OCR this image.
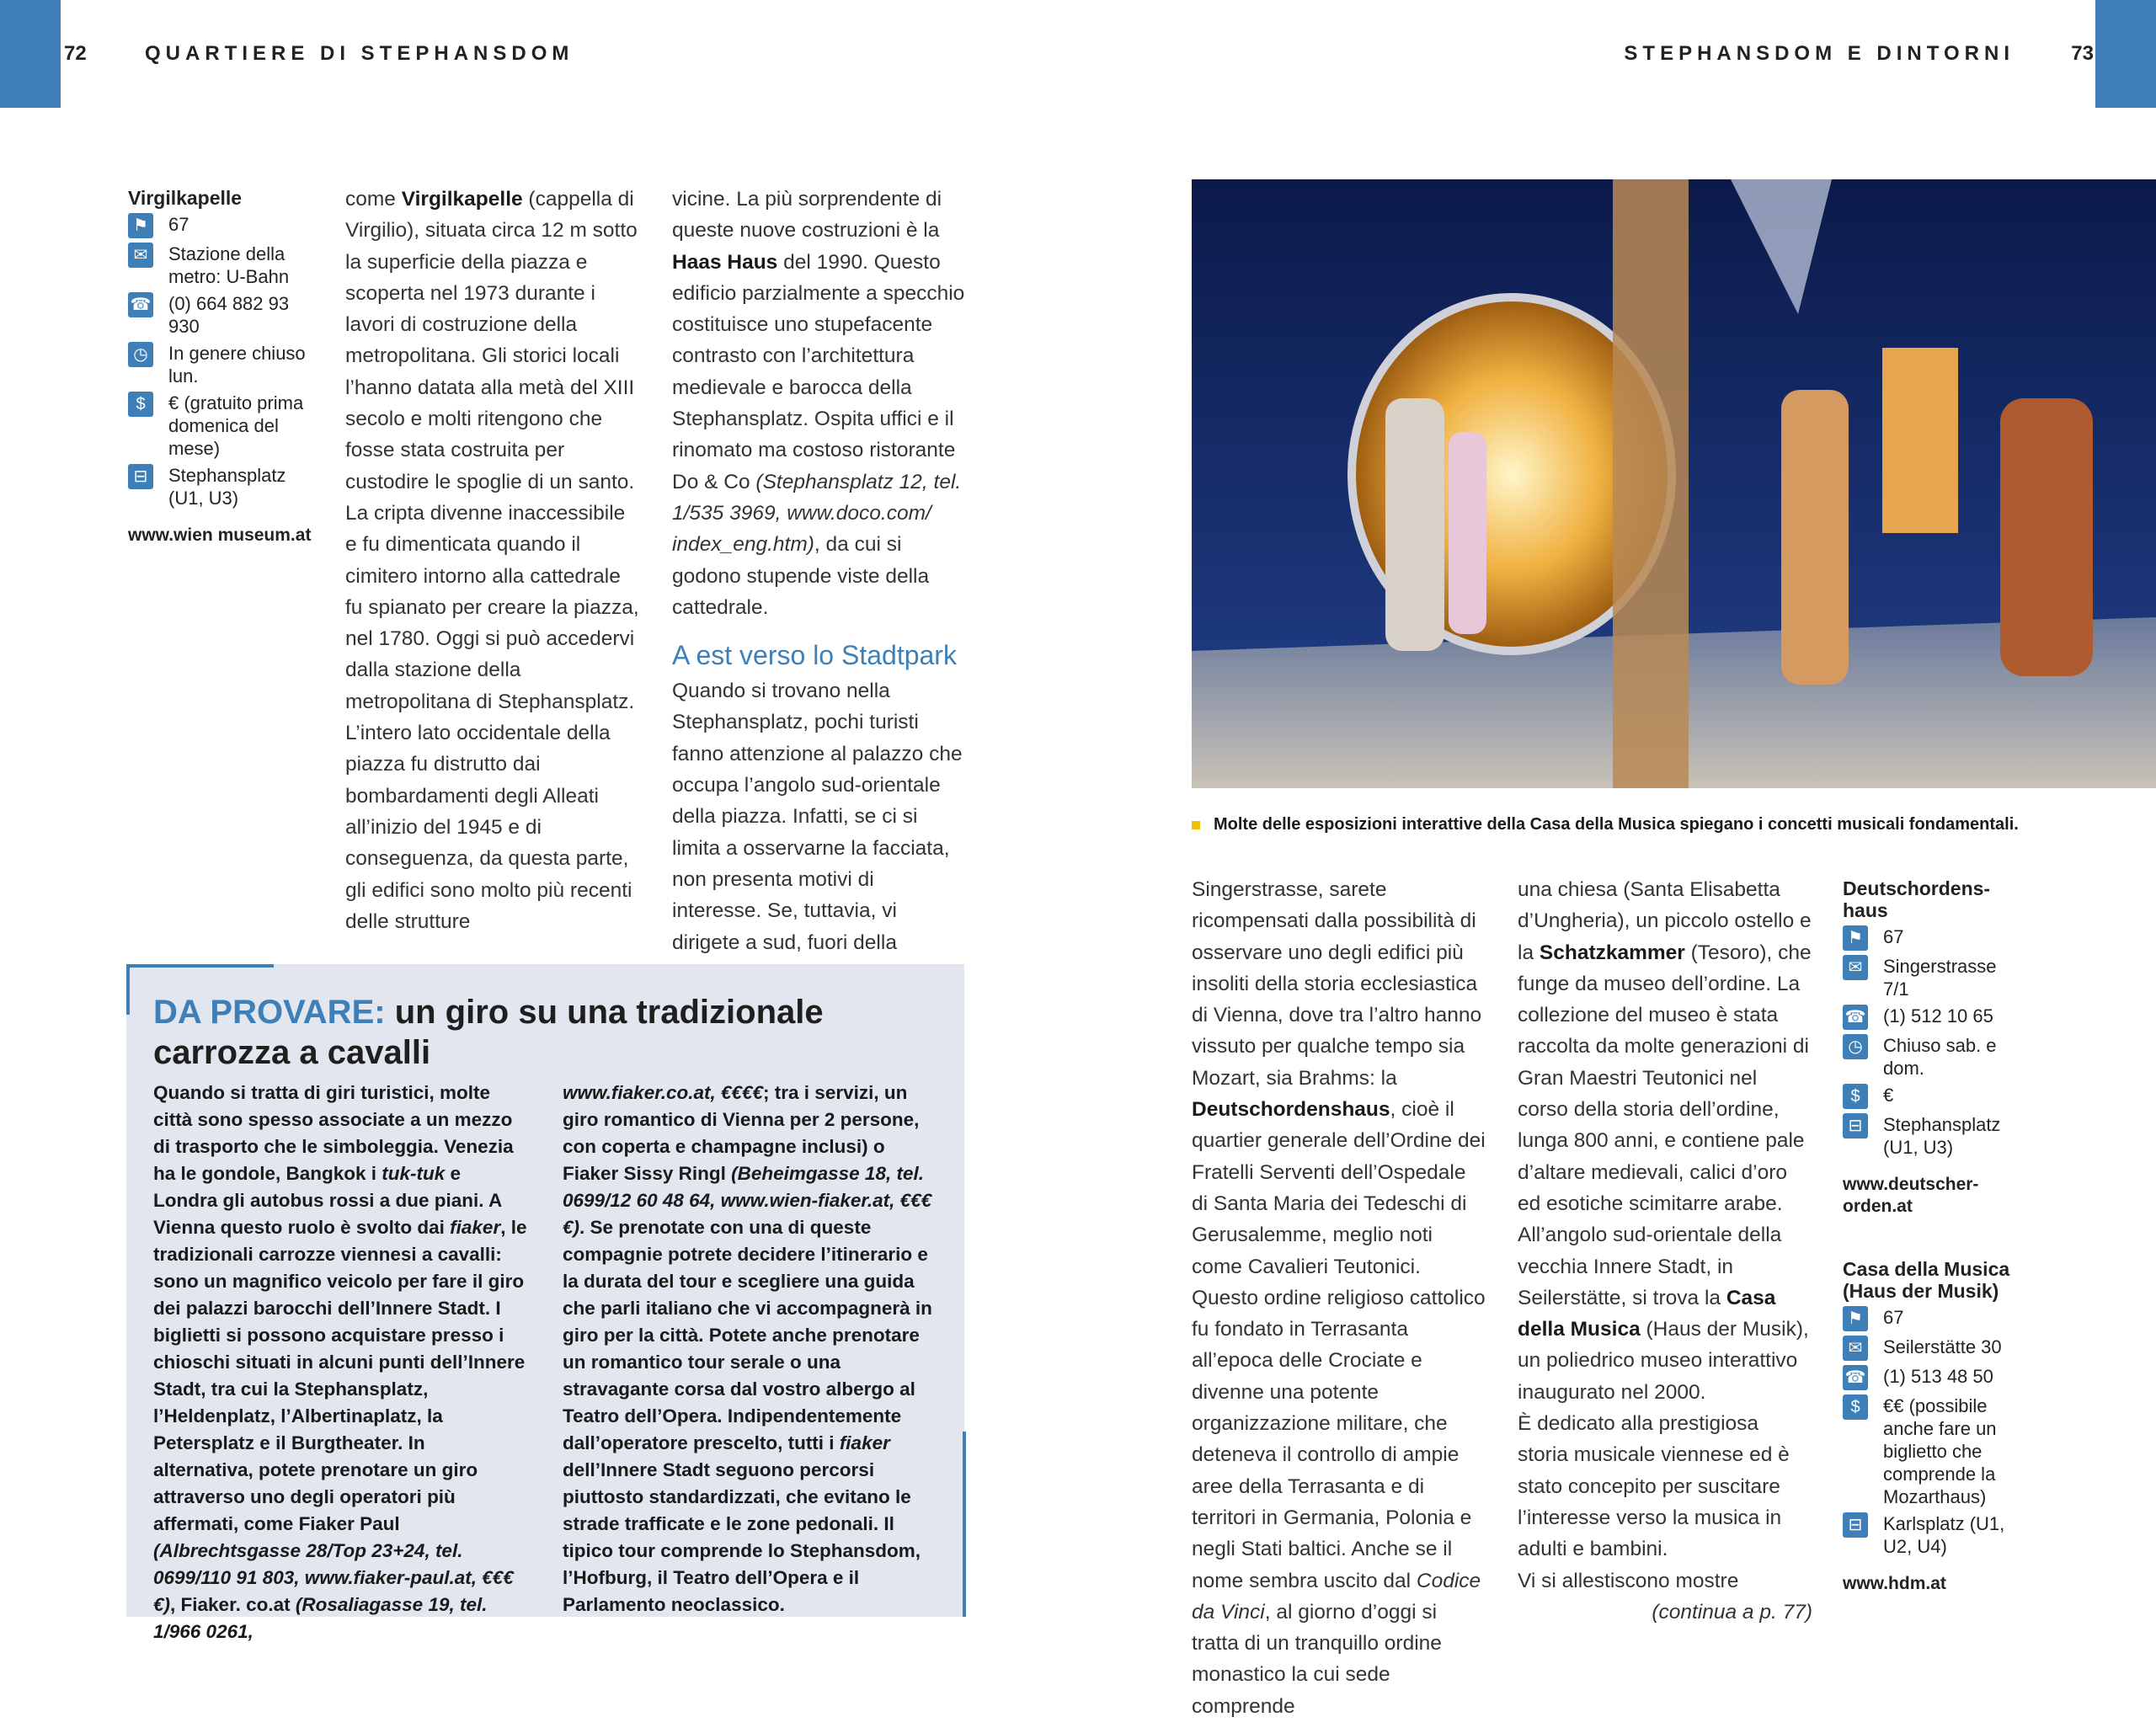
72	QUARTIERE DI STEPHANSDOM	STEPHANSDOM E DINTORNI	73
Virgilkapelle
⚑ 67
✉	Stazione della metro: U-Bahn
☎ (0) 664 882 93 930
◷ In genere chiuso lun.
$	€ (gratuito prima domenica del mese)
⊟	Stephansplatz (U1, U3)
www.wien museum.at

come Virgilkapelle (cappella di Virgilio), situata circa 12 m sotto la superficie della piazza e scoperta nel 1973 durante i lavori di costruzione della metropolitana. Gli storici locali l’hanno datata alla metà del XIII secolo e molti ritengono che fosse stata costruita per custodire le spoglie di un santo. La cripta divenne inaccessibile e fu dimenticata quando il cimitero intorno alla cattedrale fu spianato per creare la piazza, nel 1780. Oggi si può accedervi dalla stazione della metropolitana di Stephansplatz. L’intero lato occidentale della piazza fu distrutto dai bombardamenti degli Alleati all’inizio del 1945 e di conseguenza, da questa parte, gli edifici sono molto più recenti delle strutture

vicine. La più sorprendente di queste nuove costruzioni è la Haas Haus del 1990. Questo edificio parzialmente a specchio costituisce uno stupefacente contrasto con l’architettura medievale e barocca della Stephansplatz. Ospita uffici e il rinomato ma costoso ristorante Do & Co (Stephansplatz 12, tel. 1/535 3969, www.doco.com/ index_eng.htm), da cui si godono stupende viste della cattedrale.

A est verso lo Stadtpark

Quando si trovano nella Stephansplatz, pochi turisti fanno attenzione al palazzo che occupa l’angolo sud-orientale della piazza. Infatti, se ci si limita a osservarne la facciata, non presenta motivi di interesse. Se, tuttavia, vi dirigete a sud, fuori della

DA PROVARE: un giro su una tradizionale carrozza a cavalli
Quando si tratta di giri turistici, molte città sono spesso associate a un mezzo di trasporto che le simboleggia. Venezia ha le gondole, Bangkok i tuk-tuk e Londra gli autobus rossi a due piani. A Vienna questo ruolo è svolto dai fiaker, le tradizionali carrozze viennesi a cavalli: sono un magnifico veicolo per fare il giro dei palazzi barocchi dell’Innere Stadt. I biglietti si possono acquistare presso i chioschi situati in alcuni punti dell’Innere Stadt, tra cui la Stephansplatz, l’Heldenplatz, l’Albertinaplatz, la Petersplatz e il Burgtheater. In alternativa, potete prenotare un giro attraverso uno degli operatori più affermati, come Fiaker Paul (Albrechtsgasse 28/Top 23+24, tel. 0699/110 91 803, www.fiaker-paul.at, €€€€), Fiaker. co.at (Rosaliagasse 19, tel. 1/966 0261,
www.fiaker.co.at, €€€€; tra i servizi, un giro romantico di Vienna per 2 persone, con coperta e champagne inclusi) o Fiaker Sissy Ringl (Beheimgasse 18, tel. 0699/12 60 48 64, www.wien-fiaker.at, €€€€). Se prenotate con una di queste compagnie potrete decidere l’itinerario e la durata del tour e scegliere una guida che parli italiano che vi accompagnerà in giro per la città. Potete anche prenotare un romantico tour serale o una stravagante corsa dal vostro albergo al Teatro dell’Opera. Indipendentemente dall’operatore prescelto, tutti i fiaker dell’Innere Stadt seguono percorsi piuttosto standardizzati, che evitano le strade trafficate e le zone pedonali. Il tipico tour comprende lo Stephansdom, l’Hofburg, il Teatro dell’Opera e il Parlamento neoclassico.
Molte delle esposizioni interattive della Casa della Musica spiegano i concetti musicali fondamentali.

Singerstrasse, sarete ricompensati dalla possibilità di osservare uno degli edifici più insoliti della storia ecclesiastica di Vienna, dove tra l’altro hanno vissuto per qualche tempo sia Mozart, sia Brahms: la Deutschordenshaus, cioè il quartier generale dell’Ordine dei Fratelli Serventi dell’Ospedale di Santa Maria dei Tedeschi di Gerusalemme, meglio noti come Cavalieri Teutonici. Questo ordine religioso cattolico fu fondato in Terrasanta all’epoca delle Crociate e divenne una potente organizzazione militare, che deteneva il controllo di ampie aree della Terrasanta e di territori in Germania, Polonia e negli Stati baltici. Anche se il nome sembra uscito dal Codice da Vinci, al giorno d’oggi si tratta di un tranquillo ordine monastico la cui sede comprende

una chiesa (Santa Elisabetta d’Ungheria), un piccolo ostello e la Schatzkammer (Tesoro), che funge da museo dell’ordine. La collezione del museo è stata raccolta da molte generazioni di Gran Maestri Teutonici nel corso della storia dell’ordine, lunga 800 anni, e contiene pale d’altare medievali, calici d’oro ed esotiche scimitarre arabe.
All’angolo sud-orientale della vecchia Innere Stadt, in Seilerstätte, si trova la Casa della Musica (Haus der Musik), un poliedrico museo interattivo inaugurato nel 2000.
È dedicato alla prestigiosa storia musicale viennese ed è stato concepito per suscitare l’interesse verso la musica in adulti e bambini.
Vi si allestiscono mostre

(continua a p. 77)
Deutschordens- haus
⚑ 67
✉	Singerstrasse 7/1
☎ (1) 512 10 65
◷ Chiuso sab. e dom.
$	€
⊟	Stephansplatz (U1, U3)
www.deutscher- orden.at
Casa della Musica (Haus der Musik)
⚑ 67
✉	Seilerstätte 30
☎ (1) 513 48 50
$	€€ (possibile anche fare un biglietto che comprende la Mozarthaus)
⊟	Karlsplatz (U1, U2, U4)
www.hdm.at
